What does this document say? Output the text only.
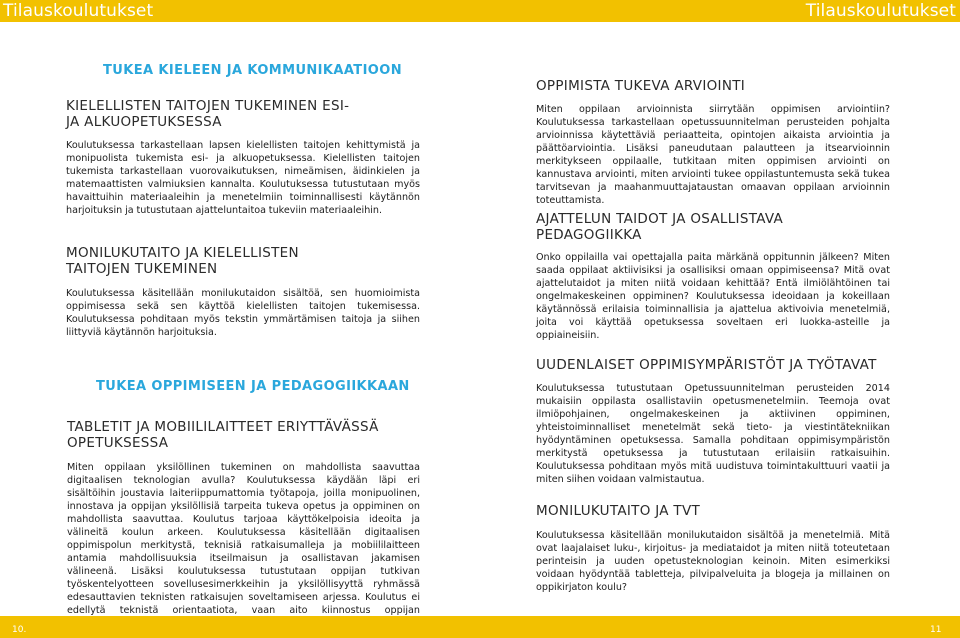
Tilauskoulutukset	Tilauskoulutukset
TUKEA KIELEEN JA KOMMUNIKAATIOON
KIELELLISTEN TAITOJEN TUKEMINEN ESI-
JA ALKUOPETUKSESSA
Koulutuksessa tarkastellaan lapsen kielellisten taitojen kehittymistä ja monipuolista tukemista esi- ja alkuopetuksessa. Kielellisten taitojen tukemista tarkastellaan vuorovaikutuksen, nimeämisen, äidinkielen ja matemaattisten valmiuksien kannalta. Koulutuksessa tutustutaan myös havaittuihin materiaaleihin ja menetelmiin toiminnallisesti käytännön harjoituksin ja tutustutaan ajatteluntaitoa tukeviin materiaaleihin.
MONILUKUTAITO JA KIELELLISTEN
TAITOJEN TUKEMINEN
Koulutuksessa käsitellään monilukutaidon sisältöä, sen huomioimista oppimisessa sekä sen käyttöä kielellisten taitojen tukemisessa. Koulutuksessa pohditaan myös tekstin ymmärtämisen taitoja ja siihen liittyviä käytännön harjoituksia.
TUKEA OPPIMISEEN JA PEDAGOGIIKKAAN
TABLETIT JA MOBIILILAITTEET ERIYTTÄVÄSSÄ
OPETUKSESSA
Miten oppilaan yksilöllinen tukeminen on mahdollista saavuttaa digitaalisen teknologian avulla? Koulutuksessa käydään läpi eri sisältöihin joustavia laiteriippumattomia työtapoja, joilla monipuolinen, innostava ja oppijan yksilöllisiä tarpeita tukeva opetus ja oppiminen on mahdollista saavuttaa. Koulutus tarjoaa käyttökelpoisia ideoita ja välineitä koulun arkeen. Koulutuksessa käsitellään digitaalisen oppimispolun merkitystä, teknisiä ratkaisumalleja ja mobiililaitteen antamia mahdollisuuksia itseilmaisun ja osallistavan jakamisen välineenä. Lisäksi koulutuksessa tutustutaan oppijan tutkivan työskentelyotteen sovellusesimerkkeihin ja yksilöllisyyttä ryhmässä edesauttavien teknisten ratkaisujen soveltamiseen arjessa. Koulutus ei edellytä teknistä orientaatiota, vaan aito kiinnostus oppijan
OPPIMISTA TUKEVA ARVIOINTI
Miten oppilaan arvioinnista siirrytään oppimisen arviointiin? Koulutuksessa tarkastellaan opetussuunnitelman perusteiden pohjalta arvioinnissa käytettäviä periaatteita, opintojen aikaista arviointia ja päättöarviointia. Lisäksi paneudutaan palautteen ja itsearvioinnin merkitykseen oppilaalle, tutkitaan miten oppimisen arviointi on kannustava arviointi, miten arviointi tukee oppilastuntemusta sekä tukea tarvitsevan ja maahanmuuttajataustan omaavan oppilaan arvioinnin toteuttamista.
AJATTELUN TAIDOT JA OSALLISTAVA
PEDAGOGIIKKA
Onko oppilailla vai opettajalla paita märkänä oppitunnin jälkeen? Miten saada oppilaat aktiivisiksi ja osallisiksi omaan oppimiseensa? Mitä ovat ajattelutaidot ja miten niitä voidaan kehittää? Entä ilmiölähtöinen tai ongelmakeskeinen oppiminen? Koulutuksessa ideoidaan ja kokeillaan käytännössä erilaisia toiminnallisia ja ajattelua aktivoivia menetelmiä, joita voi käyttää opetuksessa soveltaen eri luokka-asteille ja oppiaineisiin.
UUDENLAISET OPPIMISYMPÄRISTÖT JA TYÖTAVAT
Koulutuksessa tutustutaan Opetussuunnitelman perusteiden 2014 mukaisiin oppilasta osallistaviin opetusmenetelmiin. Teemoja ovat ilmiöpohjainen, ongelmakeskeinen ja aktiivinen oppiminen, yhteistoiminnalliset menetelmät sekä tieto- ja viestintätekniikan hyödyntäminen opetuksessa. Samalla pohditaan oppimisympäristön merkitystä opetuksessa ja tutustutaan erilaisiin ratkaisuihin. Koulutuksessa pohditaan myös mitä uudistuva toimintakulttuuri vaatii ja miten siihen voidaan valmistautua.
MONILUKUTAITO JA TVT
Koulutuksessa käsitellään monilukutaidon sisältöä ja menetelmiä. Mitä ovat laajalaiset luku-, kirjoitus- ja mediataidot ja miten niitä toteutetaan perinteisin ja uuden opetusteknologian keinoin. Miten esimerkiksi voidaan hyödyntää tabletteja, pilvipalveluita ja blogeja ja millainen on oppikirjaton koulu?
10.	11
